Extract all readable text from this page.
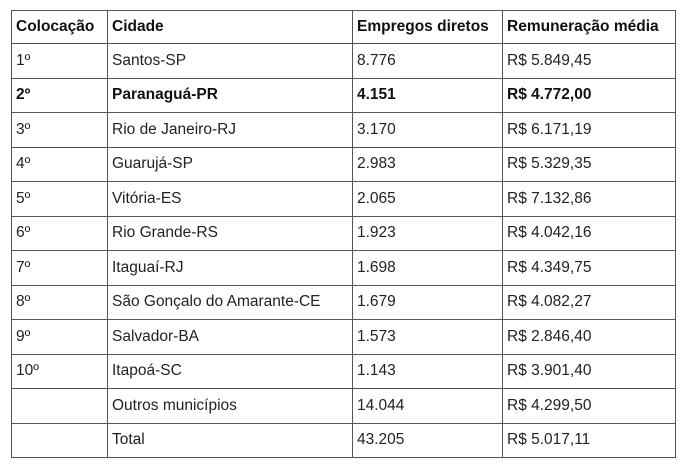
Colocação	Cidade	Empregos diretos	Remuneração média
1º	Santos-SP	8.776	R$ 5.849,45
2º	Paranaguá-PR	4.151	R$ 4.772,00
3º	Rio de Janeiro-RJ	3.170	R$ 6.171,19
4º	Guarujá-SP	2.983	R$ 5.329,35
5º	Vitória-ES	2.065	R$ 7.132,86
6º	Rio Grande-RS	1.923	R$ 4.042,16
7º	Itaguaí-RJ	1.698	R$ 4.349,75
8º	São Gonçalo do Amarante-CE	1.679	R$ 4.082,27
9º	Salvador-BA	1.573	R$ 2.846,40
10º	Itapoá-SC	1.143	R$ 3.901,40
	Outros municípios	14.044	R$ 4.299,50
	Total	43.205	R$ 5.017,11
